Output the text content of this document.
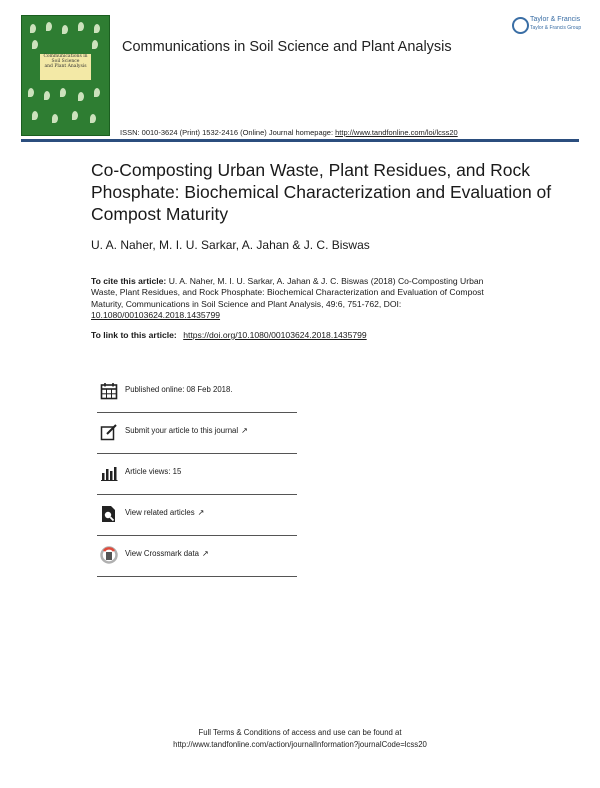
Communications in
Soil Science
and Plant Analysis
Communications in Soil Science and Plant Analysis
Taylor & Francis
Taylor & Francis Group
ISSN: 0010-3624 (Print) 1532-2416 (Online) Journal homepage: http://www.tandfonline.com/loi/lcss20
Co-Composting Urban Waste, Plant Residues, and Rock Phosphate: Biochemical Characterization and Evaluation of Compost Maturity
U. A. Naher, M. I. U. Sarkar, A. Jahan & J. C. Biswas
To cite this article: U. A. Naher, M. I. U. Sarkar, A. Jahan & J. C. Biswas (2018) Co-Composting Urban Waste, Plant Residues, and Rock Phosphate: Biochemical Characterization and Evaluation of Compost Maturity, Communications in Soil Science and Plant Analysis, 49:6, 751-762, DOI: 10.1080/00103624.2018.1435799
To link to this article: https://doi.org/10.1080/00103624.2018.1435799
Published online: 08 Feb 2018.
Submit your article to this journal ↗
Article views: 15
View related articles ↗
View Crossmark data ↗
Full Terms & Conditions of access and use can be found at
http://www.tandfonline.com/action/journalInformation?journalCode=lcss20
